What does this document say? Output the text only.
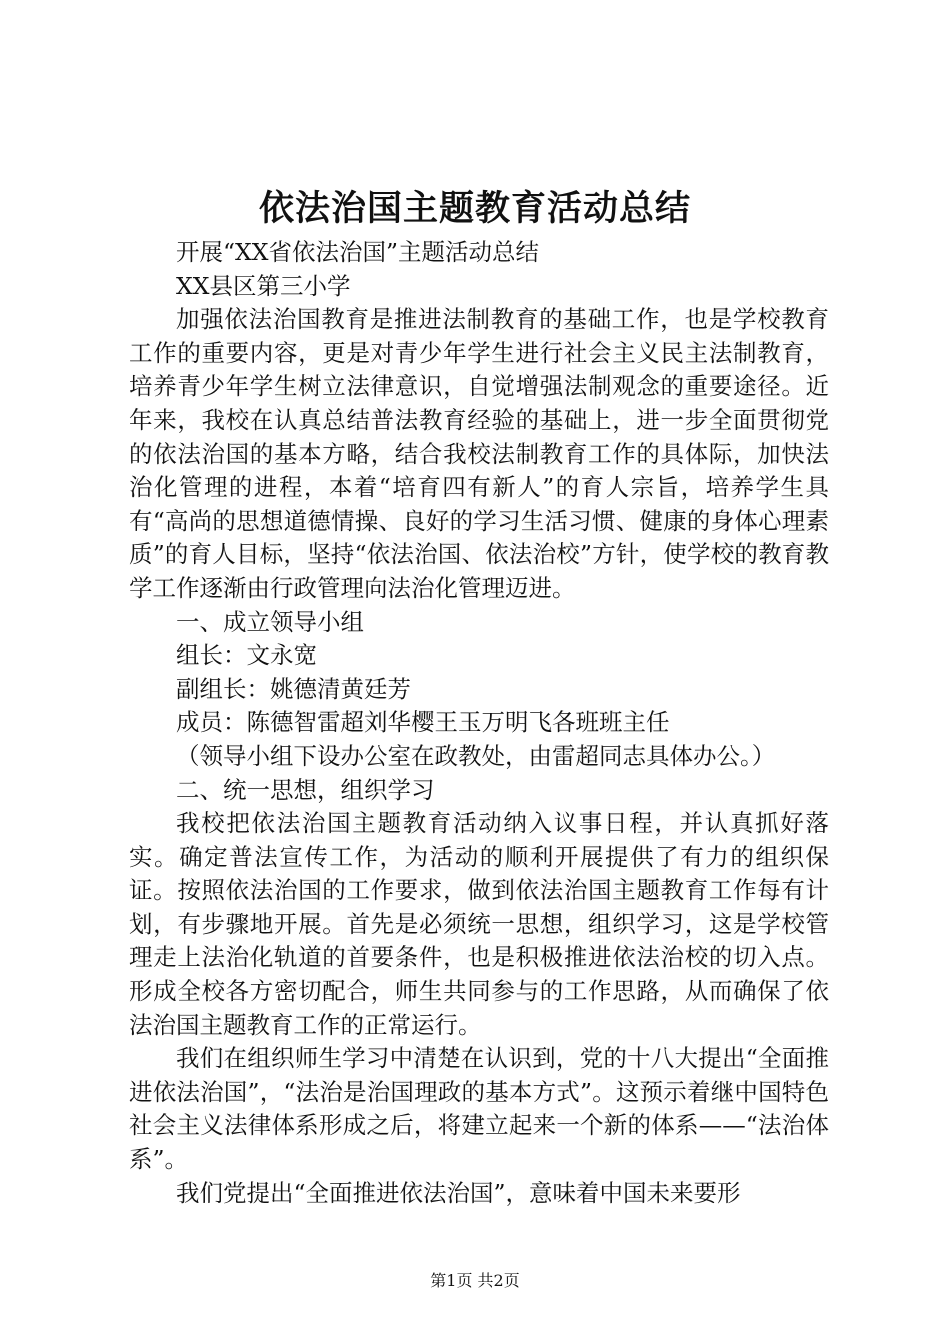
依法治国主题教育活动总结

开展“XX省依法治国”主题活动总结

XX县区第三小学

加强依法治国教育是推进法制教育的基础工作，也是学校教育工作的重要内容，更是对青少年学生进行社会主义民主法制教育，培养青少年学生树立法律意识，自觉增强法制观念的重要途径。近年来，我校在认真总结普法教育经验的基础上，进一步全面贯彻党的依法治国的基本方略，结合我校法制教育工作的具体际，加快法治化管理的进程，本着“培育四有新人”的育人宗旨，培养学生具有“高尚的思想道德情操、良好的学习生活习惯、健康的身体心理素质”的育人目标，坚持“依法治国、依法治校”方针，使学校的教育教学工作逐渐由行政管理向法治化管理迈进。

一、成立领导小组

组长：文永宽

副组长：姚德清黄廷芳

成员：陈德智雷超刘华樱王玉万明飞各班班主任

（领导小组下设办公室在政教处，由雷超同志具体办公。）

二、统一思想，组织学习

我校把依法治国主题教育活动纳入议事日程，并认真抓好落实。确定普法宣传工作，为活动的顺利开展提供了有力的组织保证。按照依法治国的工作要求，做到依法治国主题教育工作每有计划，有步骤地开展。首先是必须统一思想，组织学习，这是学校管理走上法治化轨道的首要条件，也是积极推进依法治校的切入点。形成全校各方密切配合，师生共同参与的工作思路，从而确保了依法治国主题教育工作的正常运行。

我们在组织师生学习中清楚在认识到，党的十八大提出“全面推进依法治国”，“法治是治国理政的基本方式”。这预示着继中国特色社会主义法律体系形成之后，将建立起来一个新的体系——“法治体系”。

我们党提出“全面推进依法治国”，意味着中国未来要形

第1页 共2页
